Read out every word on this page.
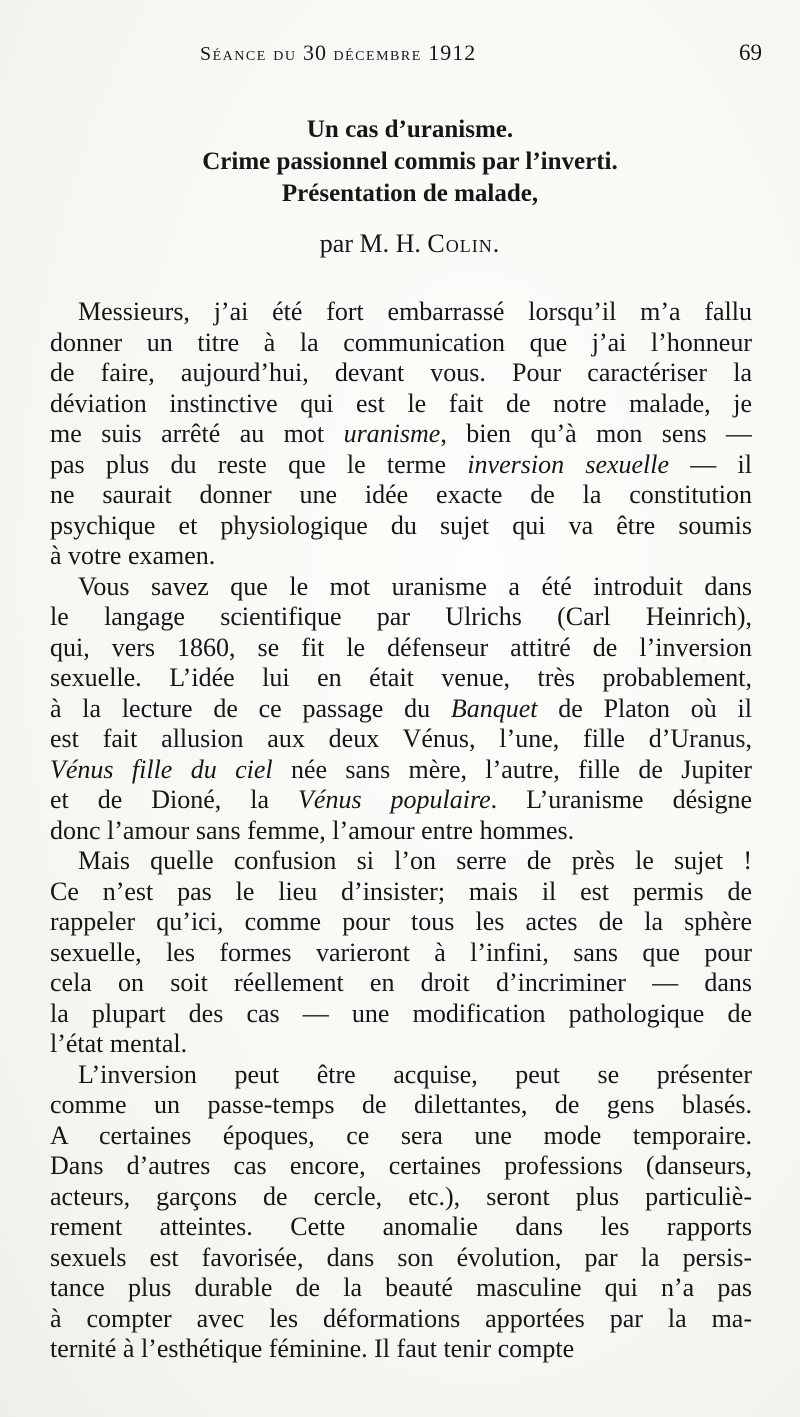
Séance du 30 décembre 1912	69
Un cas d’uranisme.
Crime passionnel commis par l’inverti.
Présentation de malade,
par M. H. Colin.
Messieurs, j’ai été fort embarrassé lorsqu’il m’a fallu
donner un titre à la communication que j’ai l’honneur
de faire, aujourd’hui, devant vous. Pour caractériser la
déviation instinctive qui est le fait de notre malade, je
me suis arrêté au mot uranisme, bien qu’à mon sens —
pas plus du reste que le terme inversion sexuelle — il
ne saurait donner une idée exacte de la constitution
psychique et physiologique du sujet qui va être soumis
à votre examen.
Vous savez que le mot uranisme a été introduit dans
le langage scientifique par Ulrichs (Carl Heinrich),
qui, vers 1860, se fit le défenseur attitré de l’inversion
sexuelle. L’idée lui en était venue, très probablement,
à la lecture de ce passage du Banquet de Platon où il
est fait allusion aux deux Vénus, l’une, fille d’Uranus,
Vénus fille du ciel née sans mère, l’autre, fille de Jupiter
et de Dioné, la Vénus populaire. L’uranisme désigne
donc l’amour sans femme, l’amour entre hommes.
Mais quelle confusion si l’on serre de près le sujet !
Ce n’est pas le lieu d’insister; mais il est permis de
rappeler qu’ici, comme pour tous les actes de la sphère
sexuelle, les formes varieront à l’infini, sans que pour
cela on soit réellement en droit d’incriminer — dans
la plupart des cas — une modification pathologique de
l’état mental.
L’inversion peut être acquise, peut se présenter
comme un passe-temps de dilettantes, de gens blasés.
A certaines époques, ce sera une mode temporaire.
Dans d’autres cas encore, certaines professions (danseurs,
acteurs, garçons de cercle, etc.), seront plus particuliè-
rement atteintes. Cette anomalie dans les rapports
sexuels est favorisée, dans son évolution, par la persis-
tance plus durable de la beauté masculine qui n’a pas
à compter avec les déformations apportées par la ma-
ternité à l’esthétique féminine. Il faut tenir compte
